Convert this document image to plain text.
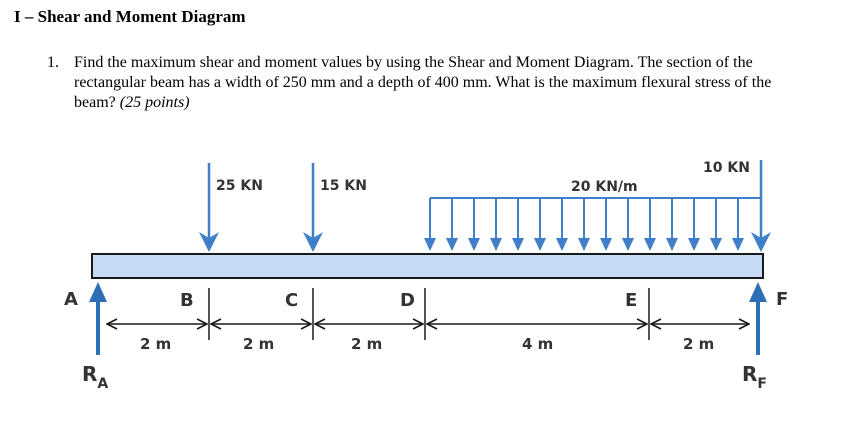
I – Shear and Moment Diagram
1. Find the maximum shear and moment values by using the Shear and Moment Diagram. The section of the rectangular beam has a width of 250 mm and a depth of 400 mm. What is the maximum flexural stress of the beam? (25 points)
25 KN	15 KN	20 KN/m
10 KN
A
$R_A$
F
$R_F$
B	C	D	E
2 m	2 m	2 m	4 m	2 m
